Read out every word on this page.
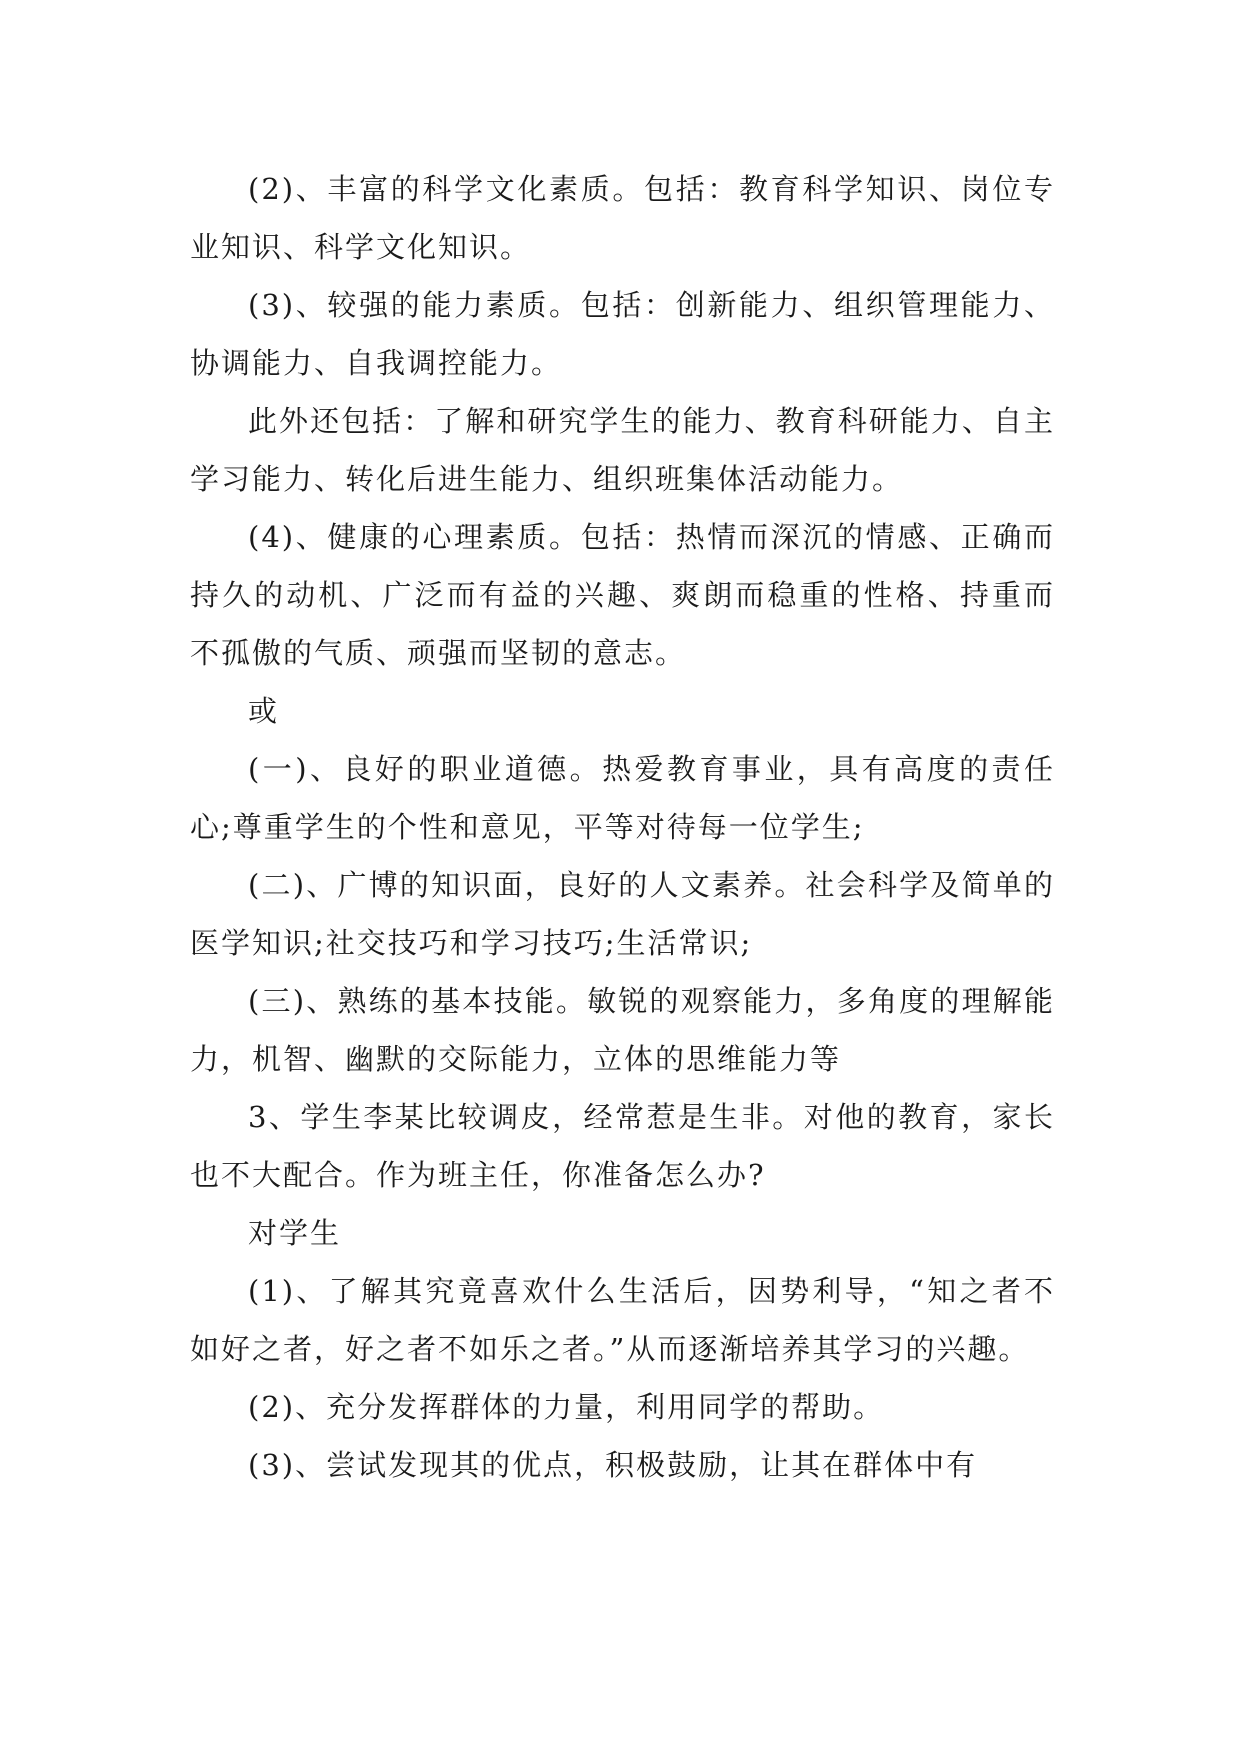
(2)、丰富的科学文化素质。包括：教育科学知识、岗位专业知识、科学文化知识。

(3)、较强的能力素质。包括：创新能力、组织管理能力、协调能力、自我调控能力。

此外还包括：了解和研究学生的能力、教育科研能力、自主学习能力、转化后进生能力、组织班集体活动能力。

(4)、健康的心理素质。包括：热情而深沉的情感、正确而持久的动机、广泛而有益的兴趣、爽朗而稳重的性格、持重而不孤傲的气质、顽强而坚韧的意志。

或

(一)、良好的职业道德。热爱教育事业，具有高度的责任心;尊重学生的个性和意见，平等对待每一位学生;

(二)、广博的知识面，良好的人文素养。社会科学及简单的医学知识;社交技巧和学习技巧;生活常识;

(三)、熟练的基本技能。敏锐的观察能力，多角度的理解能力，机智、幽默的交际能力，立体的思维能力等

3、学生李某比较调皮，经常惹是生非。对他的教育，家长也不大配合。作为班主任，你准备怎么办?

对学生

(1)、了解其究竟喜欢什么生活后，因势利导，“知之者不如好之者，好之者不如乐之者。”从而逐渐培养其学习的兴趣。

(2)、充分发挥群体的力量，利用同学的帮助。

(3)、尝试发现其的优点，积极鼓励，让其在群体中有
